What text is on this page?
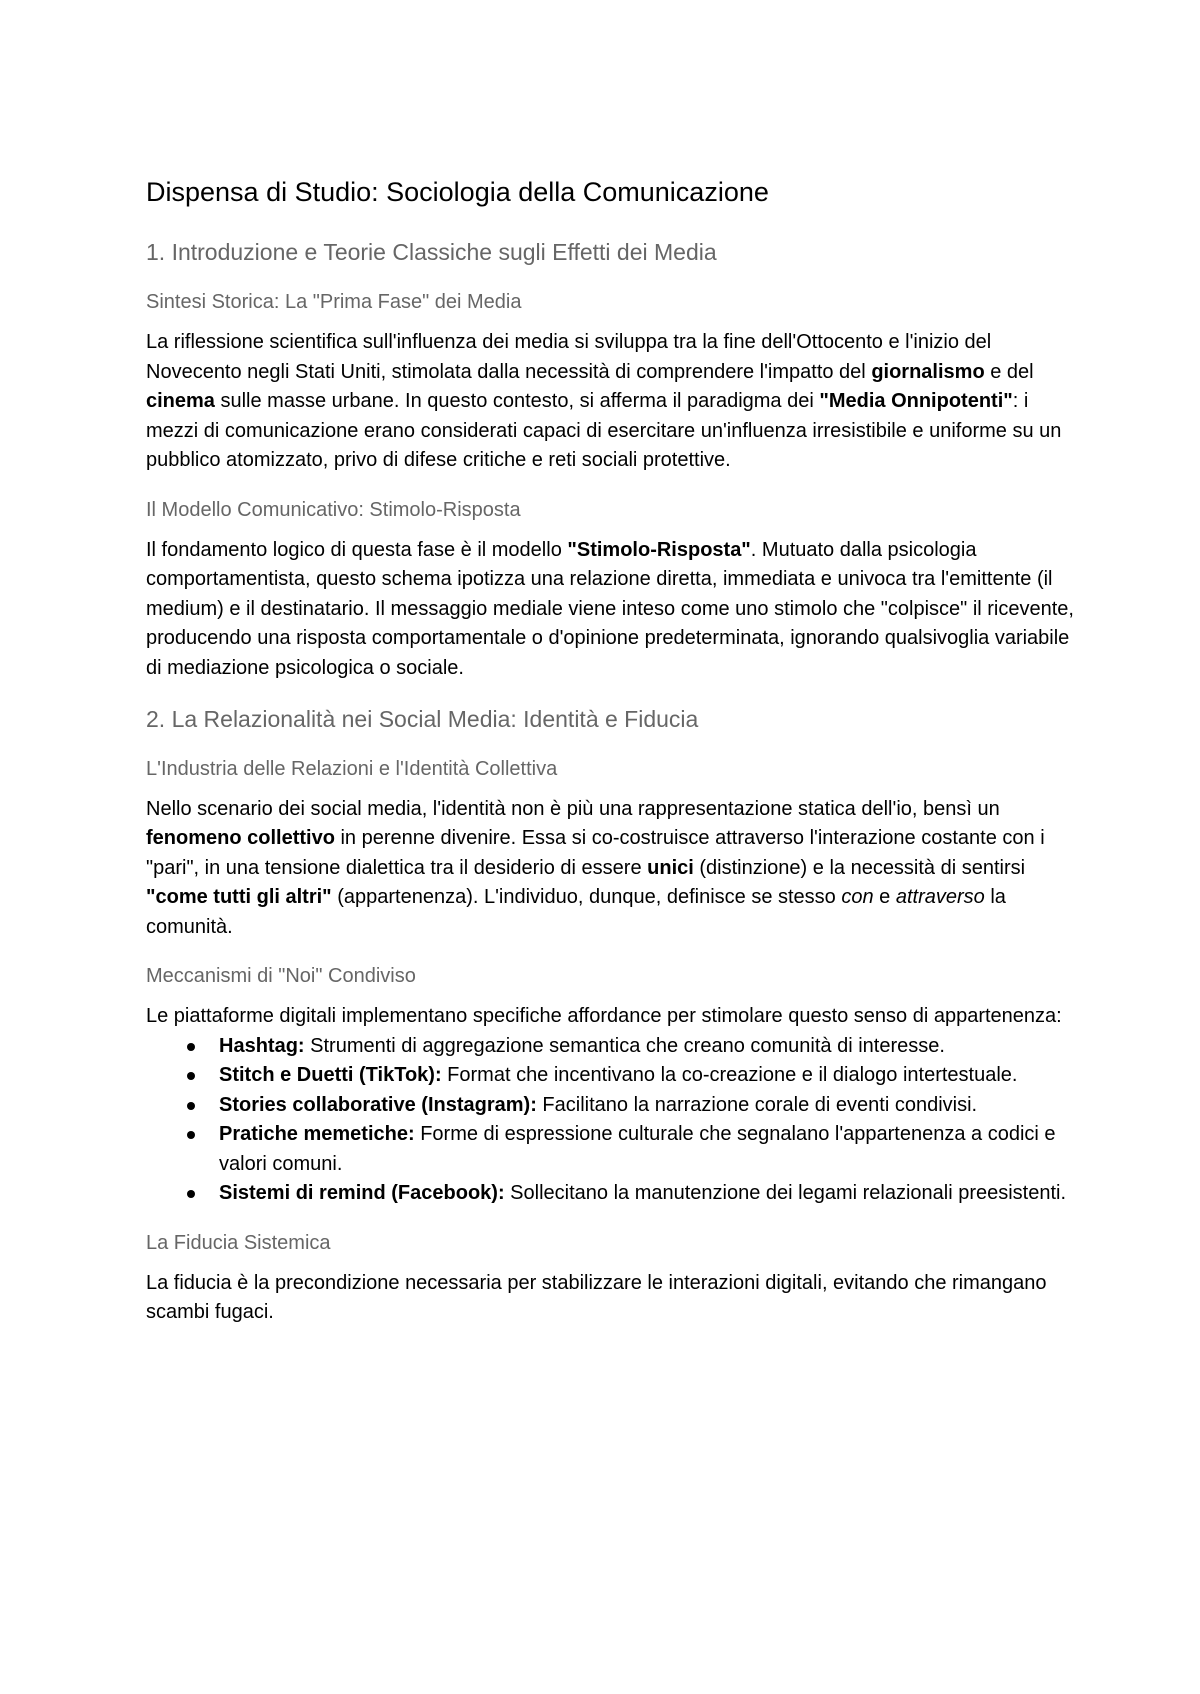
Dispensa di Studio: Sociologia della Comunicazione
1. Introduzione e Teorie Classiche sugli Effetti dei Media
Sintesi Storica: La "Prima Fase" dei Media

La riflessione scientifica sull'influenza dei media si sviluppa tra la fine dell'Ottocento e l'inizio del Novecento negli Stati Uniti, stimolata dalla necessità di comprendere l'impatto del giornalismo e del cinema sulle masse urbane. In questo contesto, si afferma il paradigma dei "Media Onnipotenti": i mezzi di comunicazione erano considerati capaci di esercitare un'influenza irresistibile e uniforme su un pubblico atomizzato, privo di difese critiche e reti sociali protettive.

Il Modello Comunicativo: Stimolo-Risposta

Il fondamento logico di questa fase è il modello "Stimolo-Risposta". Mutuato dalla psicologia comportamentista, questo schema ipotizza una relazione diretta, immediata e univoca tra l'emittente (il medium) e il destinatario. Il messaggio mediale viene inteso come uno stimolo che "colpisce" il ricevente, producendo una risposta comportamentale o d'opinione predeterminata, ignorando qualsivoglia variabile di mediazione psicologica o sociale.

2. La Relazionalità nei Social Media: Identità e Fiducia
L'Industria delle Relazioni e l'Identità Collettiva

Nello scenario dei social media, l'identità non è più una rappresentazione statica dell'io, bensì un fenomeno collettivo in perenne divenire. Essa si co-costruisce attraverso l'interazione costante con i "pari", in una tensione dialettica tra il desiderio di essere unici (distinzione) e la necessità di sentirsi "come tutti gli altri" (appartenenza). L'individuo, dunque, definisce se stesso con e attraverso la comunità.

Meccanismi di "Noi" Condiviso

Le piattaforme digitali implementano specifiche affordance per stimolare questo senso di appartenenza:

Hashtag: Strumenti di aggregazione semantica che creano comunità di interesse.
Stitch e Duetti (TikTok): Format che incentivano la co-creazione e il dialogo intertestuale.
Stories collaborative (Instagram): Facilitano la narrazione corale di eventi condivisi.
Pratiche memetiche: Forme di espressione culturale che segnalano l'appartenenza a codici e valori comuni.
Sistemi di remind (Facebook): Sollecitano la manutenzione dei legami relazionali preesistenti.
La Fiducia Sistemica

La fiducia è la precondizione necessaria per stabilizzare le interazioni digitali, evitando che rimangano scambi fugaci.
